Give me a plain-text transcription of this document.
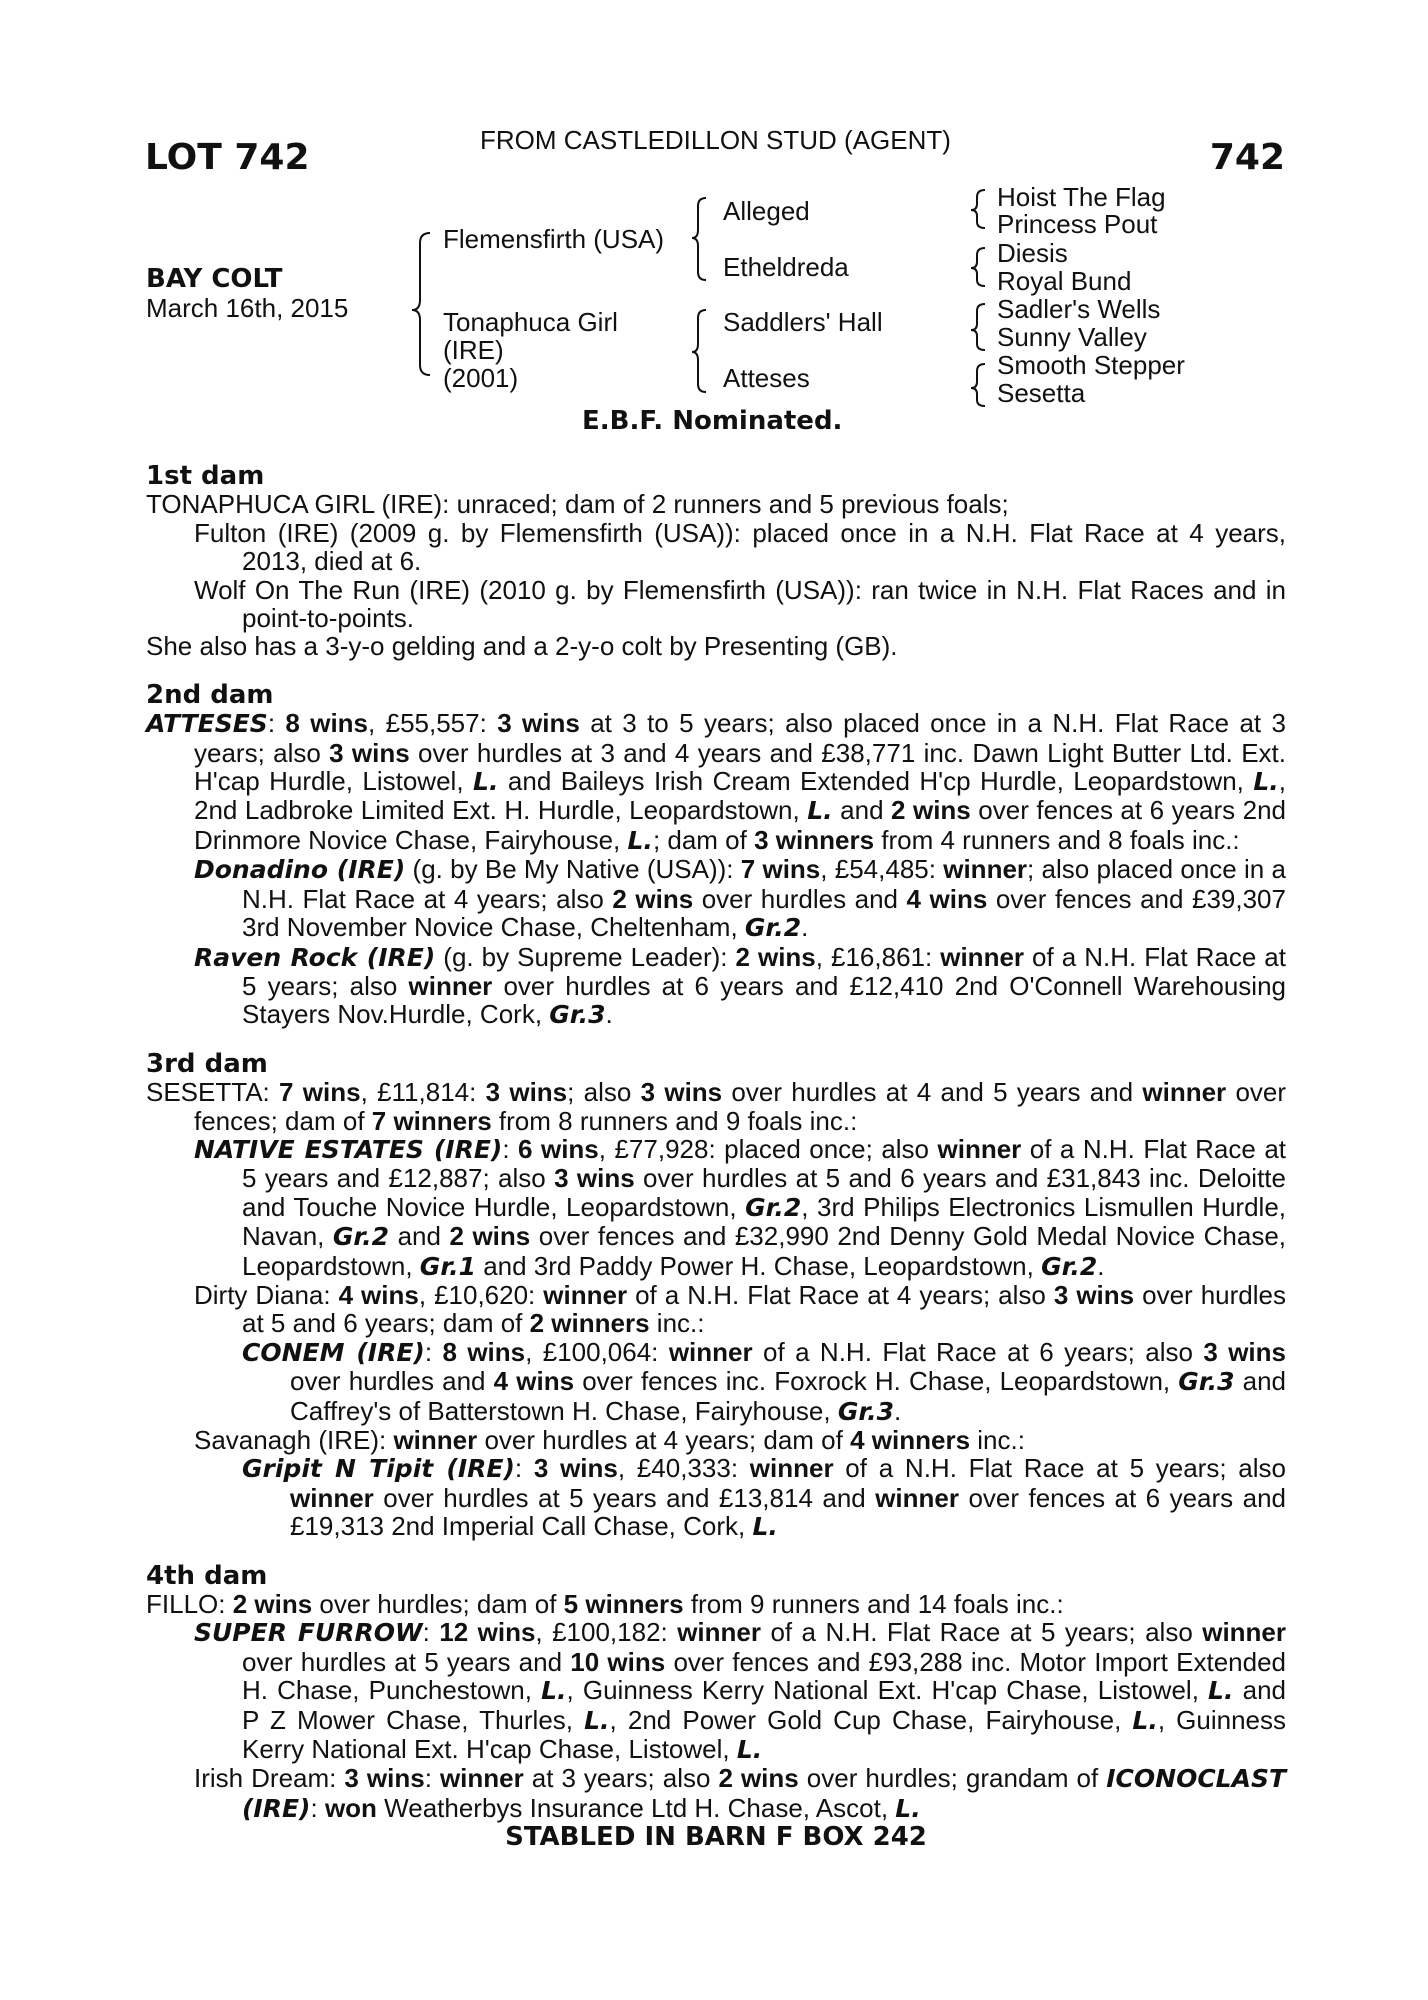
LOT 742	FROM CASTLEDILLON STUD (AGENT)	742
BAY COLT
March 16th, 2015
Flemensfirth (USA)
Tonaphuca Girl
(IRE)
(2001)
Alleged
Etheldreda
Saddlers' Hall
Atteses
Hoist The Flag
Princess Pout
Diesis
Royal Bund
Sadler's Wells
Sunny Valley
Smooth Stepper
Sesetta
E.B.F. Nominated.
1st dam
TONAPHUCA GIRL (IRE): unraced; dam of 2 runners and 5 previous foals;
Fulton (IRE) (2009 g. by Flemensfirth (USA)): placed once in a N.H. Flat Race at 4 years, 2013, died at 6.
Wolf On The Run (IRE) (2010 g. by Flemensfirth (USA)): ran twice in N.H. Flat Races and in point-to-points.
She also has a 3-y-o gelding and a 2-y-o colt by Presenting (GB).
2nd dam
ATTESES: 8 wins, £55,557: 3 wins at 3 to 5 years; also placed once in a N.H. Flat Race at 3 years; also 3 wins over hurdles at 3 and 4 years and £38,771 inc. Dawn Light Butter Ltd. Ext. H'cap Hurdle, Listowel, L. and Baileys Irish Cream Extended H'cp Hurdle, Leopardstown, L., 2nd Ladbroke Limited Ext. H. Hurdle, Leopardstown, L. and 2 wins over fences at 6 years 2nd Drinmore Novice Chase, Fairyhouse, L.; dam of 3 winners from 4 runners and 8 foals inc.:
Donadino (IRE) (g. by Be My Native (USA)): 7 wins, £54,485: winner; also placed once in a N.H. Flat Race at 4 years; also 2 wins over hurdles and 4 wins over fences and £39,307 3rd November Novice Chase, Cheltenham, Gr.2.
Raven Rock (IRE) (g. by Supreme Leader): 2 wins, £16,861: winner of a N.H. Flat Race at 5 years; also winner over hurdles at 6 years and £12,410 2nd O'Connell Warehousing Stayers Nov.Hurdle, Cork, Gr.3.
3rd dam
SESETTA: 7 wins, £11,814: 3 wins; also 3 wins over hurdles at 4 and 5 years and winner over fences; dam of 7 winners from 8 runners and 9 foals inc.:
NATIVE ESTATES (IRE): 6 wins, £77,928: placed once; also winner of a N.H. Flat Race at 5 years and £12,887; also 3 wins over hurdles at 5 and 6 years and £31,843 inc. Deloitte and Touche Novice Hurdle, Leopardstown, Gr.2, 3rd Philips Electronics Lismullen Hurdle, Navan, Gr.2 and 2 wins over fences and £32,990 2nd Denny Gold Medal Novice Chase, Leopardstown, Gr.1 and 3rd Paddy Power H. Chase, Leopardstown, Gr.2.
Dirty Diana: 4 wins, £10,620: winner of a N.H. Flat Race at 4 years; also 3 wins over hurdles at 5 and 6 years; dam of 2 winners inc.:
CONEM (IRE): 8 wins, £100,064: winner of a N.H. Flat Race at 6 years; also 3 wins over hurdles and 4 wins over fences inc. Foxrock H. Chase, Leopardstown, Gr.3 and Caffrey's of Batterstown H. Chase, Fairyhouse, Gr.3.
Savanagh (IRE): winner over hurdles at 4 years; dam of 4 winners inc.:
Gripit N Tipit (IRE): 3 wins, £40,333: winner of a N.H. Flat Race at 5 years; also winner over hurdles at 5 years and £13,814 and winner over fences at 6 years and £19,313 2nd Imperial Call Chase, Cork, L.
4th dam
FILLO: 2 wins over hurdles; dam of 5 winners from 9 runners and 14 foals inc.:
SUPER FURROW: 12 wins, £100,182: winner of a N.H. Flat Race at 5 years; also winner over hurdles at 5 years and 10 wins over fences and £93,288 inc. Motor Import Extended H. Chase, Punchestown, L., Guinness Kerry National Ext. H'cap Chase, Listowel, L. and P Z Mower Chase, Thurles, L., 2nd Power Gold Cup Chase, Fairyhouse, L., Guinness Kerry National Ext. H'cap Chase, Listowel, L.
Irish Dream: 3 wins: winner at 3 years; also 2 wins over hurdles; grandam of ICONOCLAST (IRE): won Weatherbys Insurance Ltd H. Chase, Ascot, L.
STABLED IN BARN F BOX 242
